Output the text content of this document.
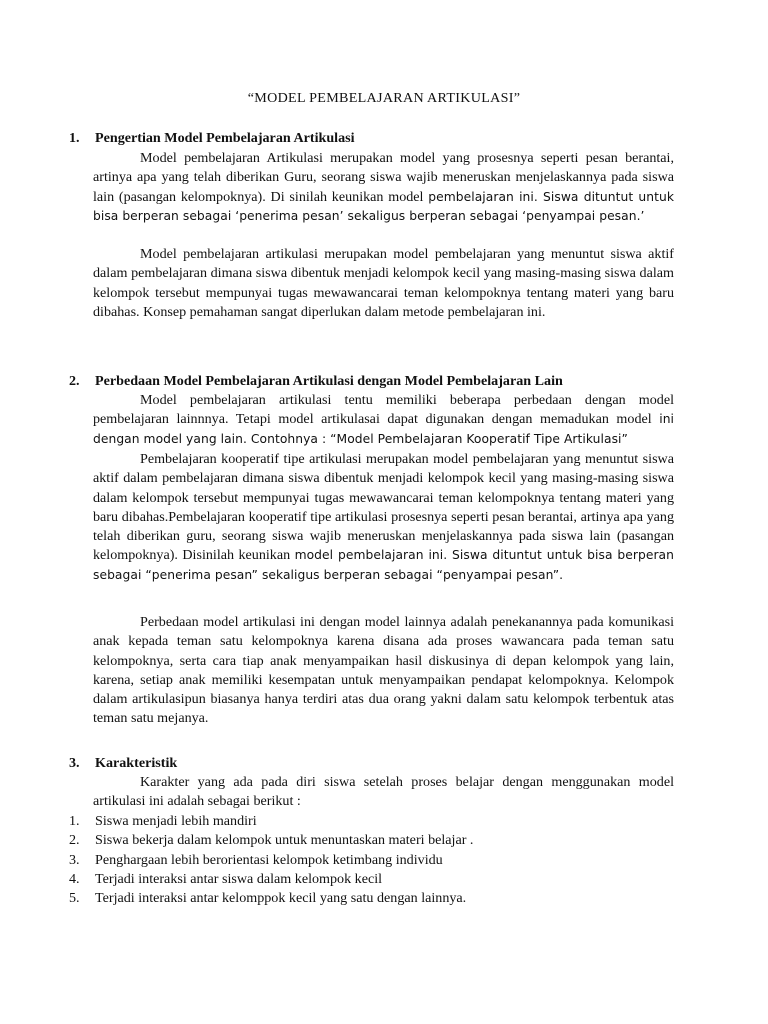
“MODEL PEMBELAJARAN ARTIKULASI”
1. Pengertian Model Pembelajaran Artikulasi
Model pembelajaran Artikulasi merupakan model yang prosesnya seperti pesan berantai, artinya apa yang telah diberikan Guru, seorang siswa wajib meneruskan menjelaskannya pada siswa lain (pasangan kelompoknya). Di sinilah keunikan model pembelajaran ini. Siswa dituntut untuk bisa berperan sebagai ‘penerima pesan’ sekaligus berperan sebagai ‘penyampai pesan.’
Model pembelajaran artikulasi merupakan model pembelajaran yang menuntut siswa aktif dalam pembelajaran dimana siswa dibentuk menjadi kelompok kecil yang masing-masing siswa dalam kelompok tersebut mempunyai tugas mewawancarai teman kelompoknya tentang materi yang baru dibahas. Konsep pemahaman sangat diperlukan dalam metode pembelajaran ini.
2. Perbedaan Model Pembelajaran Artikulasi dengan Model Pembelajaran Lain
Model pembelajaran artikulasi tentu memiliki beberapa perbedaan dengan model pembelajaran lainnnya. Tetapi model artikulasai dapat digunakan dengan memadukan model ini dengan model yang lain. Contohnya : “Model Pembelajaran Kooperatif Tipe Artikulasi”
Pembelajaran kooperatif tipe artikulasi merupakan model pembelajaran yang menuntut siswa aktif dalam pembelajaran dimana siswa dibentuk menjadi kelompok kecil yang masing-masing siswa dalam kelompok tersebut mempunyai tugas mewawancarai teman kelompoknya tentang materi yang baru dibahas.Pembelajaran kooperatif tipe artikulasi prosesnya seperti pesan berantai, artinya apa yang telah diberikan guru, seorang siswa wajib meneruskan menjelaskannya pada siswa lain (pasangan kelompoknya). Disinilah keunikan model pembelajaran ini. Siswa dituntut untuk bisa berperan sebagai “penerima pesan” sekaligus berperan sebagai “penyampai pesan”.
Perbedaan model artikulasi ini dengan model lainnya adalah penekanannya pada komunikasi anak kepada teman satu kelompoknya karena disana ada proses wawancara pada teman satu kelompoknya, serta cara tiap anak menyampaikan hasil diskusinya di depan kelompok yang lain, karena, setiap anak memiliki kesempatan untuk menyampaikan pendapat kelompoknya. Kelompok dalam artikulasipun biasanya hanya terdiri atas dua orang yakni dalam satu kelompok terbentuk atas teman satu mejanya.
3. Karakteristik
Karakter yang ada pada diri siswa setelah proses belajar dengan menggunakan model artikulasi ini adalah sebagai berikut :
1. Siswa menjadi lebih mandiri
2. Siswa bekerja dalam kelompok untuk menuntaskan materi belajar .
3. Penghargaan lebih berorientasi kelompok ketimbang individu
4. Terjadi interaksi antar siswa dalam kelompok kecil
5. Terjadi interaksi antar kelomppok kecil yang satu dengan lainnya.
